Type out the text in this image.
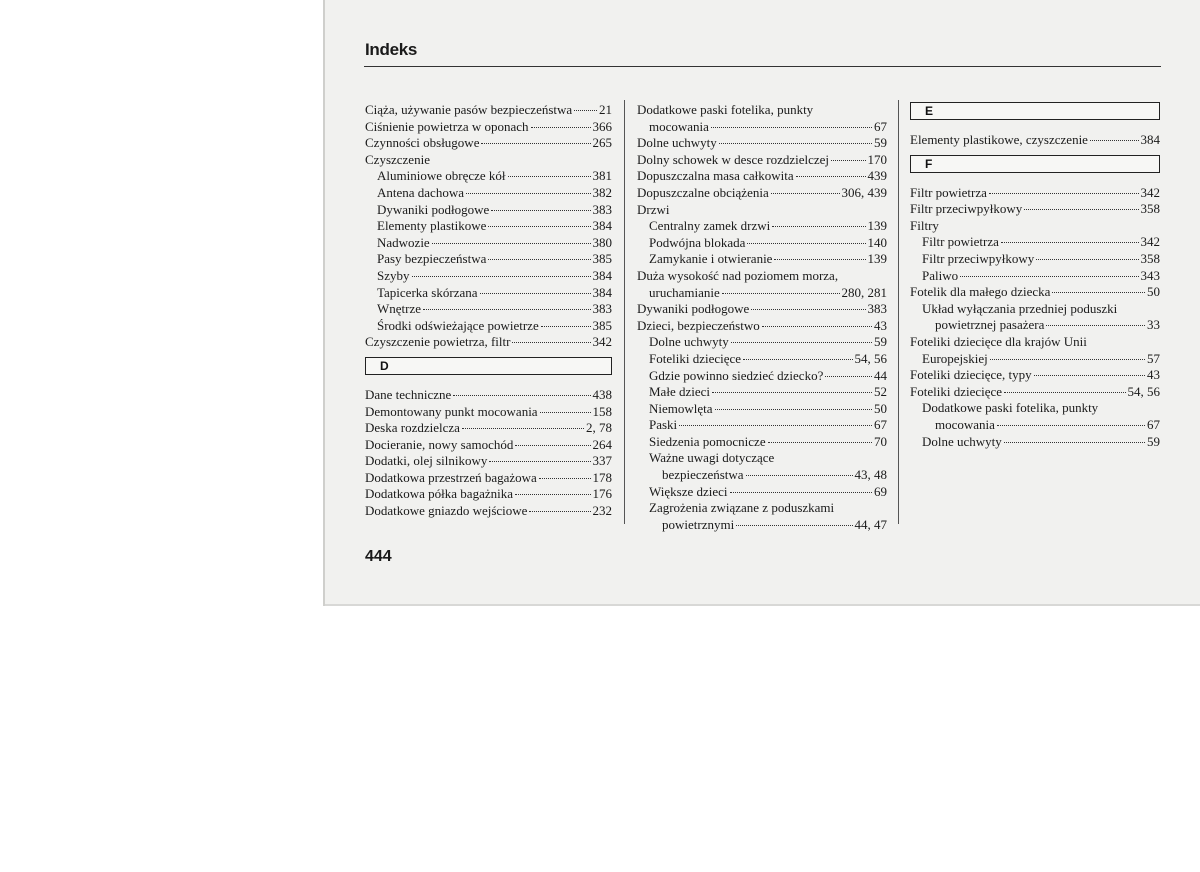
Indeks
Ciąża, używanie pasów bezpieczeństwa 21
Ciśnienie powietrza w oponach	366
Czynności obsługowe	265
Czyszczenie
Aluminiowe obręcze kół	381
Antena dachowa	382
Dywaniki podłogowe	383
Elementy plastikowe	384
Nadwozie	380
Pasy bezpieczeństwa	385
Szyby	384
Tapicerka skórzana	384
Wnętrze	383
Środki odświeżające powietrze	385
Czyszczenie powietrza, filtr	342
D
Dane techniczne	438
Demontowany punkt mocowania	158
Deska rozdzielcza	2, 78
Docieranie, nowy samochód	264
Dodatki, olej silnikowy	337
Dodatkowa przestrzeń bagażowa	178
Dodatkowa półka bagażnika	176
Dodatkowe gniazdo wejściowe	232
Dodatkowe paski fotelika, punkty
mocowania	67
Dolne uchwyty	59
Dolny schowek w desce rozdzielczej	170
Dopuszczalna masa całkowita	439
Dopuszczalne obciążenia	306, 439
Drzwi
Centralny zamek drzwi	139
Podwójna blokada	140
Zamykanie i otwieranie	139
Duża wysokość nad poziomem morza,
uruchamianie	280, 281
Dywaniki podłogowe	383
Dzieci, bezpieczeństwo	43
Dolne uchwyty	59
Foteliki dziecięce	54, 56
Gdzie powinno siedzieć dziecko?	44
Małe dzieci	52
Niemowlęta	50
Paski	67
Siedzenia pomocnicze	70
Ważne uwagi dotyczące
bezpieczeństwa	43, 48
Większe dzieci	69
Zagrożenia związane z poduszkami
powietrznymi	44, 47
E
Elementy plastikowe, czyszczenie	384
F
Filtr powietrza	342
Filtr przeciwpyłkowy	358
Filtry
Filtr powietrza	342
Filtr przeciwpyłkowy	358
Paliwo	343
Fotelik dla małego dziecka	50
Układ wyłączania przedniej poduszki
powietrznej pasażera	33
Foteliki dziecięce dla krajów Unii
Europejskiej	57
Foteliki dziecięce, typy	43
Foteliki dziecięce	54, 56
Dodatkowe paski fotelika, punkty
mocowania	67
Dolne uchwyty	59
444
